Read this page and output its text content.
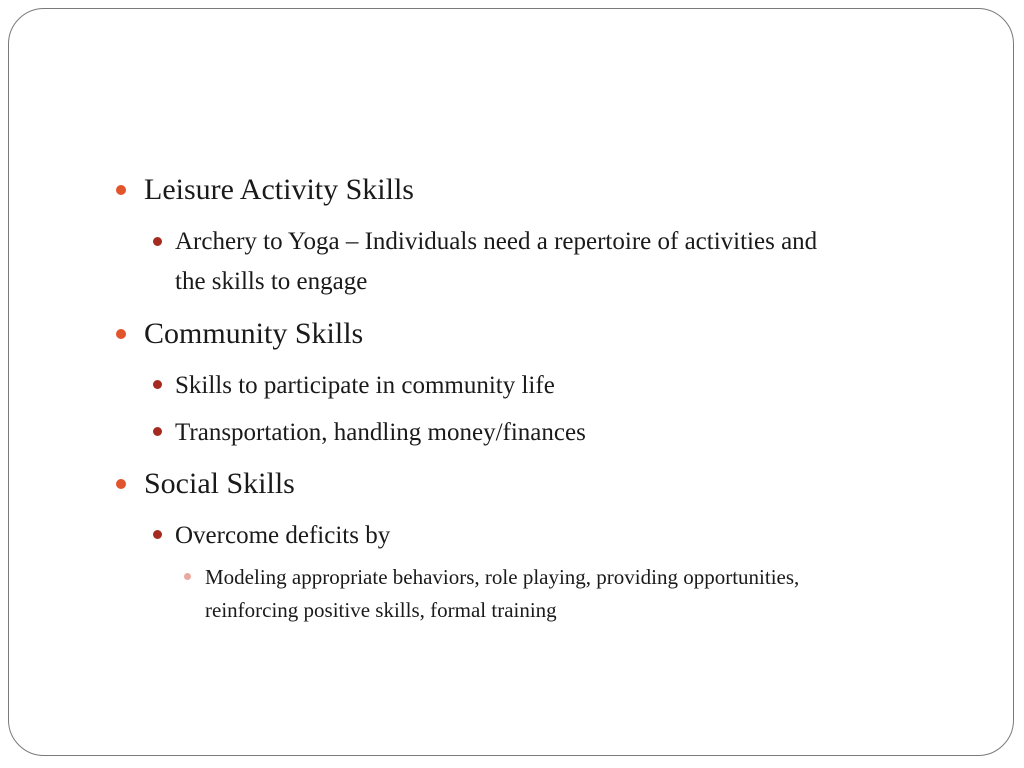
Leisure Activity Skills
Archery to Yoga – Individuals need a repertoire of activities and
the skills to engage
Community Skills
Skills to participate in community life
Transportation, handling money/finances
Social Skills
Overcome deficits by
Modeling appropriate behaviors, role playing, providing opportunities,
reinforcing positive skills, formal training
